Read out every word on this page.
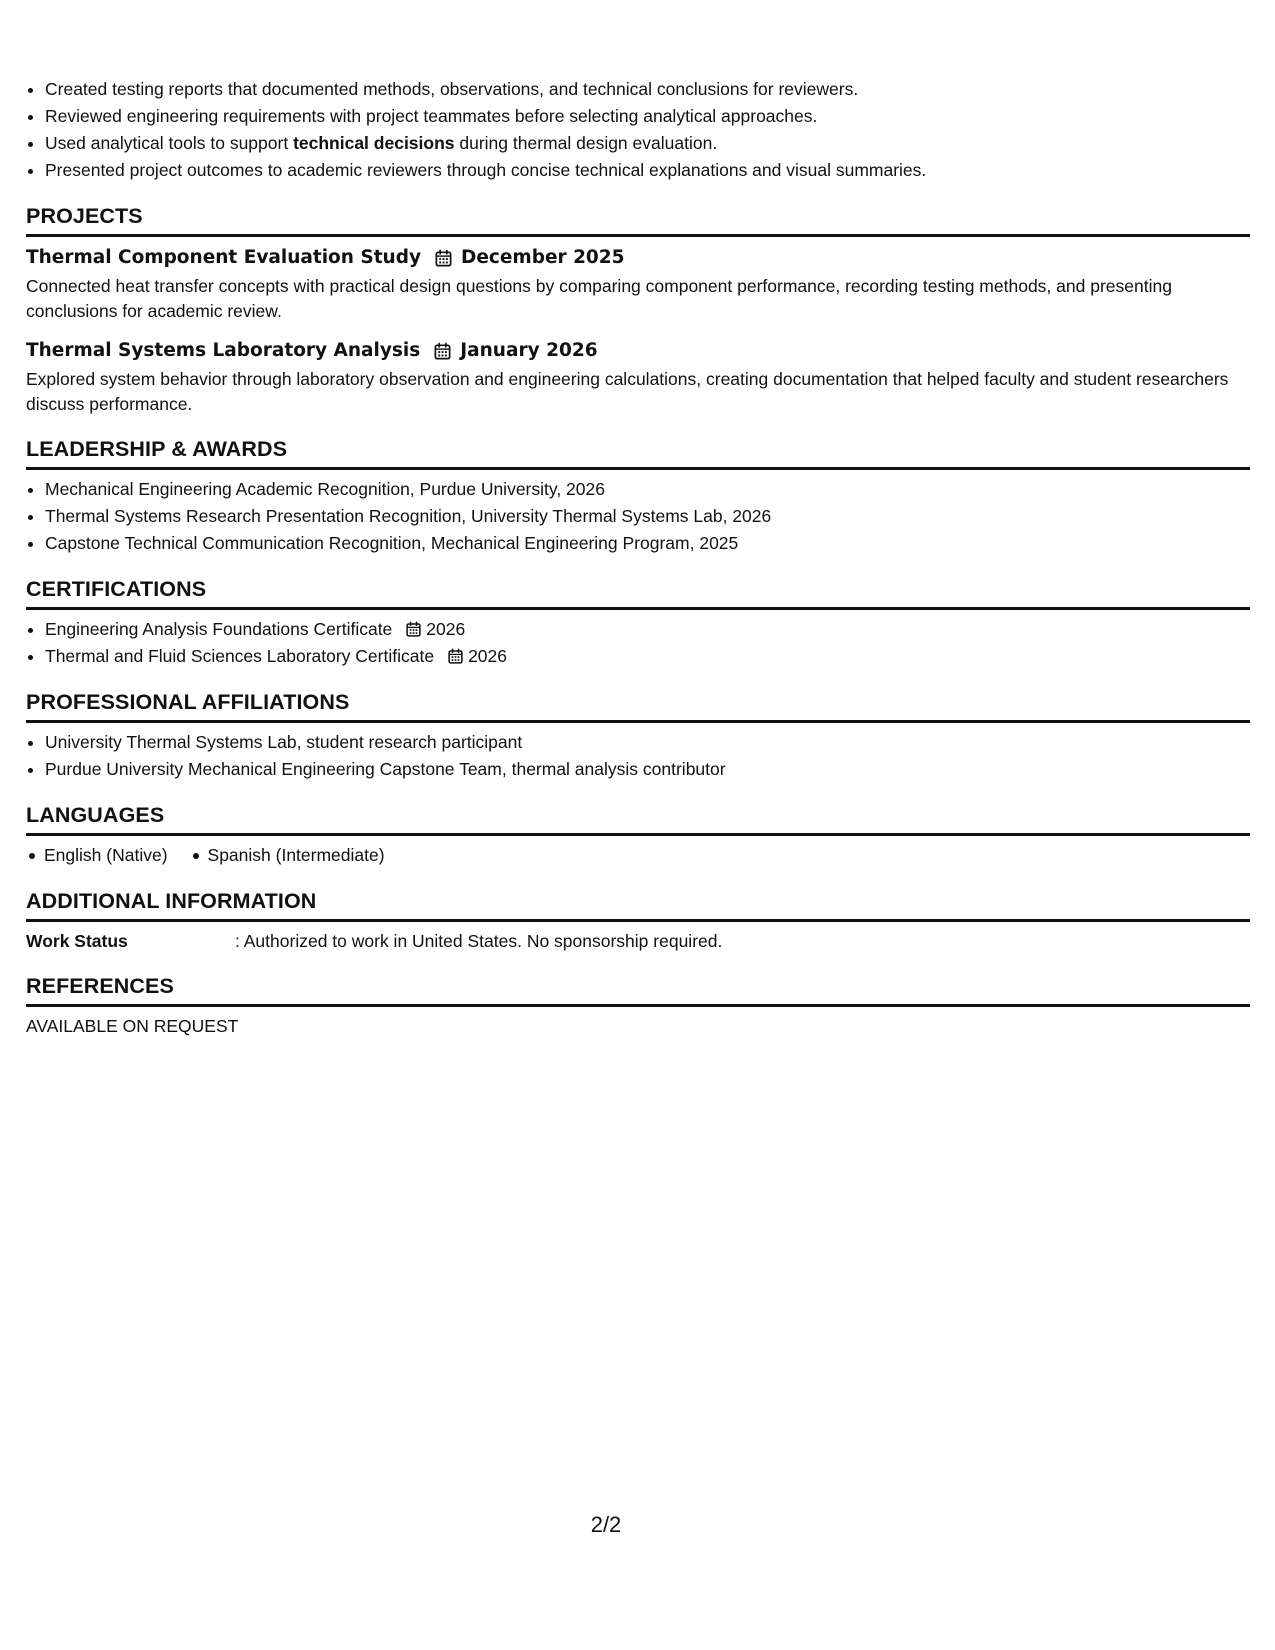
• Created testing reports that documented methods, observations, and technical conclusions for reviewers.
• Reviewed engineering requirements with project teammates before selecting analytical approaches.
• Used analytical tools to support technical decisions during thermal design evaluation.
• Presented project outcomes to academic reviewers through concise technical explanations and visual summaries.
PROJECTS
Thermal Component Evaluation Study December 2025
Connected heat transfer concepts with practical design questions by comparing component performance, recording testing methods, and presenting conclusions for academic review.
Thermal Systems Laboratory Analysis January 2026
Explored system behavior through laboratory observation and engineering calculations, creating documentation that helped faculty and student researchers discuss performance.
LEADERSHIP & AWARDS
• Mechanical Engineering Academic Recognition, Purdue University, 2026
• Thermal Systems Research Presentation Recognition, University Thermal Systems Lab, 2026
• Capstone Technical Communication Recognition, Mechanical Engineering Program, 2025
CERTIFICATIONS
• Engineering Analysis Foundations Certificate 2026
• Thermal and Fluid Sciences Laboratory Certificate 2026
PROFESSIONAL AFFILIATIONS
• University Thermal Systems Lab, student research participant
• Purdue University Mechanical Engineering Capstone Team, thermal analysis contributor
LANGUAGES
English (Native)	Spanish (Intermediate)
ADDITIONAL INFORMATION
Work Status	: Authorized to work in United States. No sponsorship required.
REFERENCES
AVAILABLE ON REQUEST
2/2
